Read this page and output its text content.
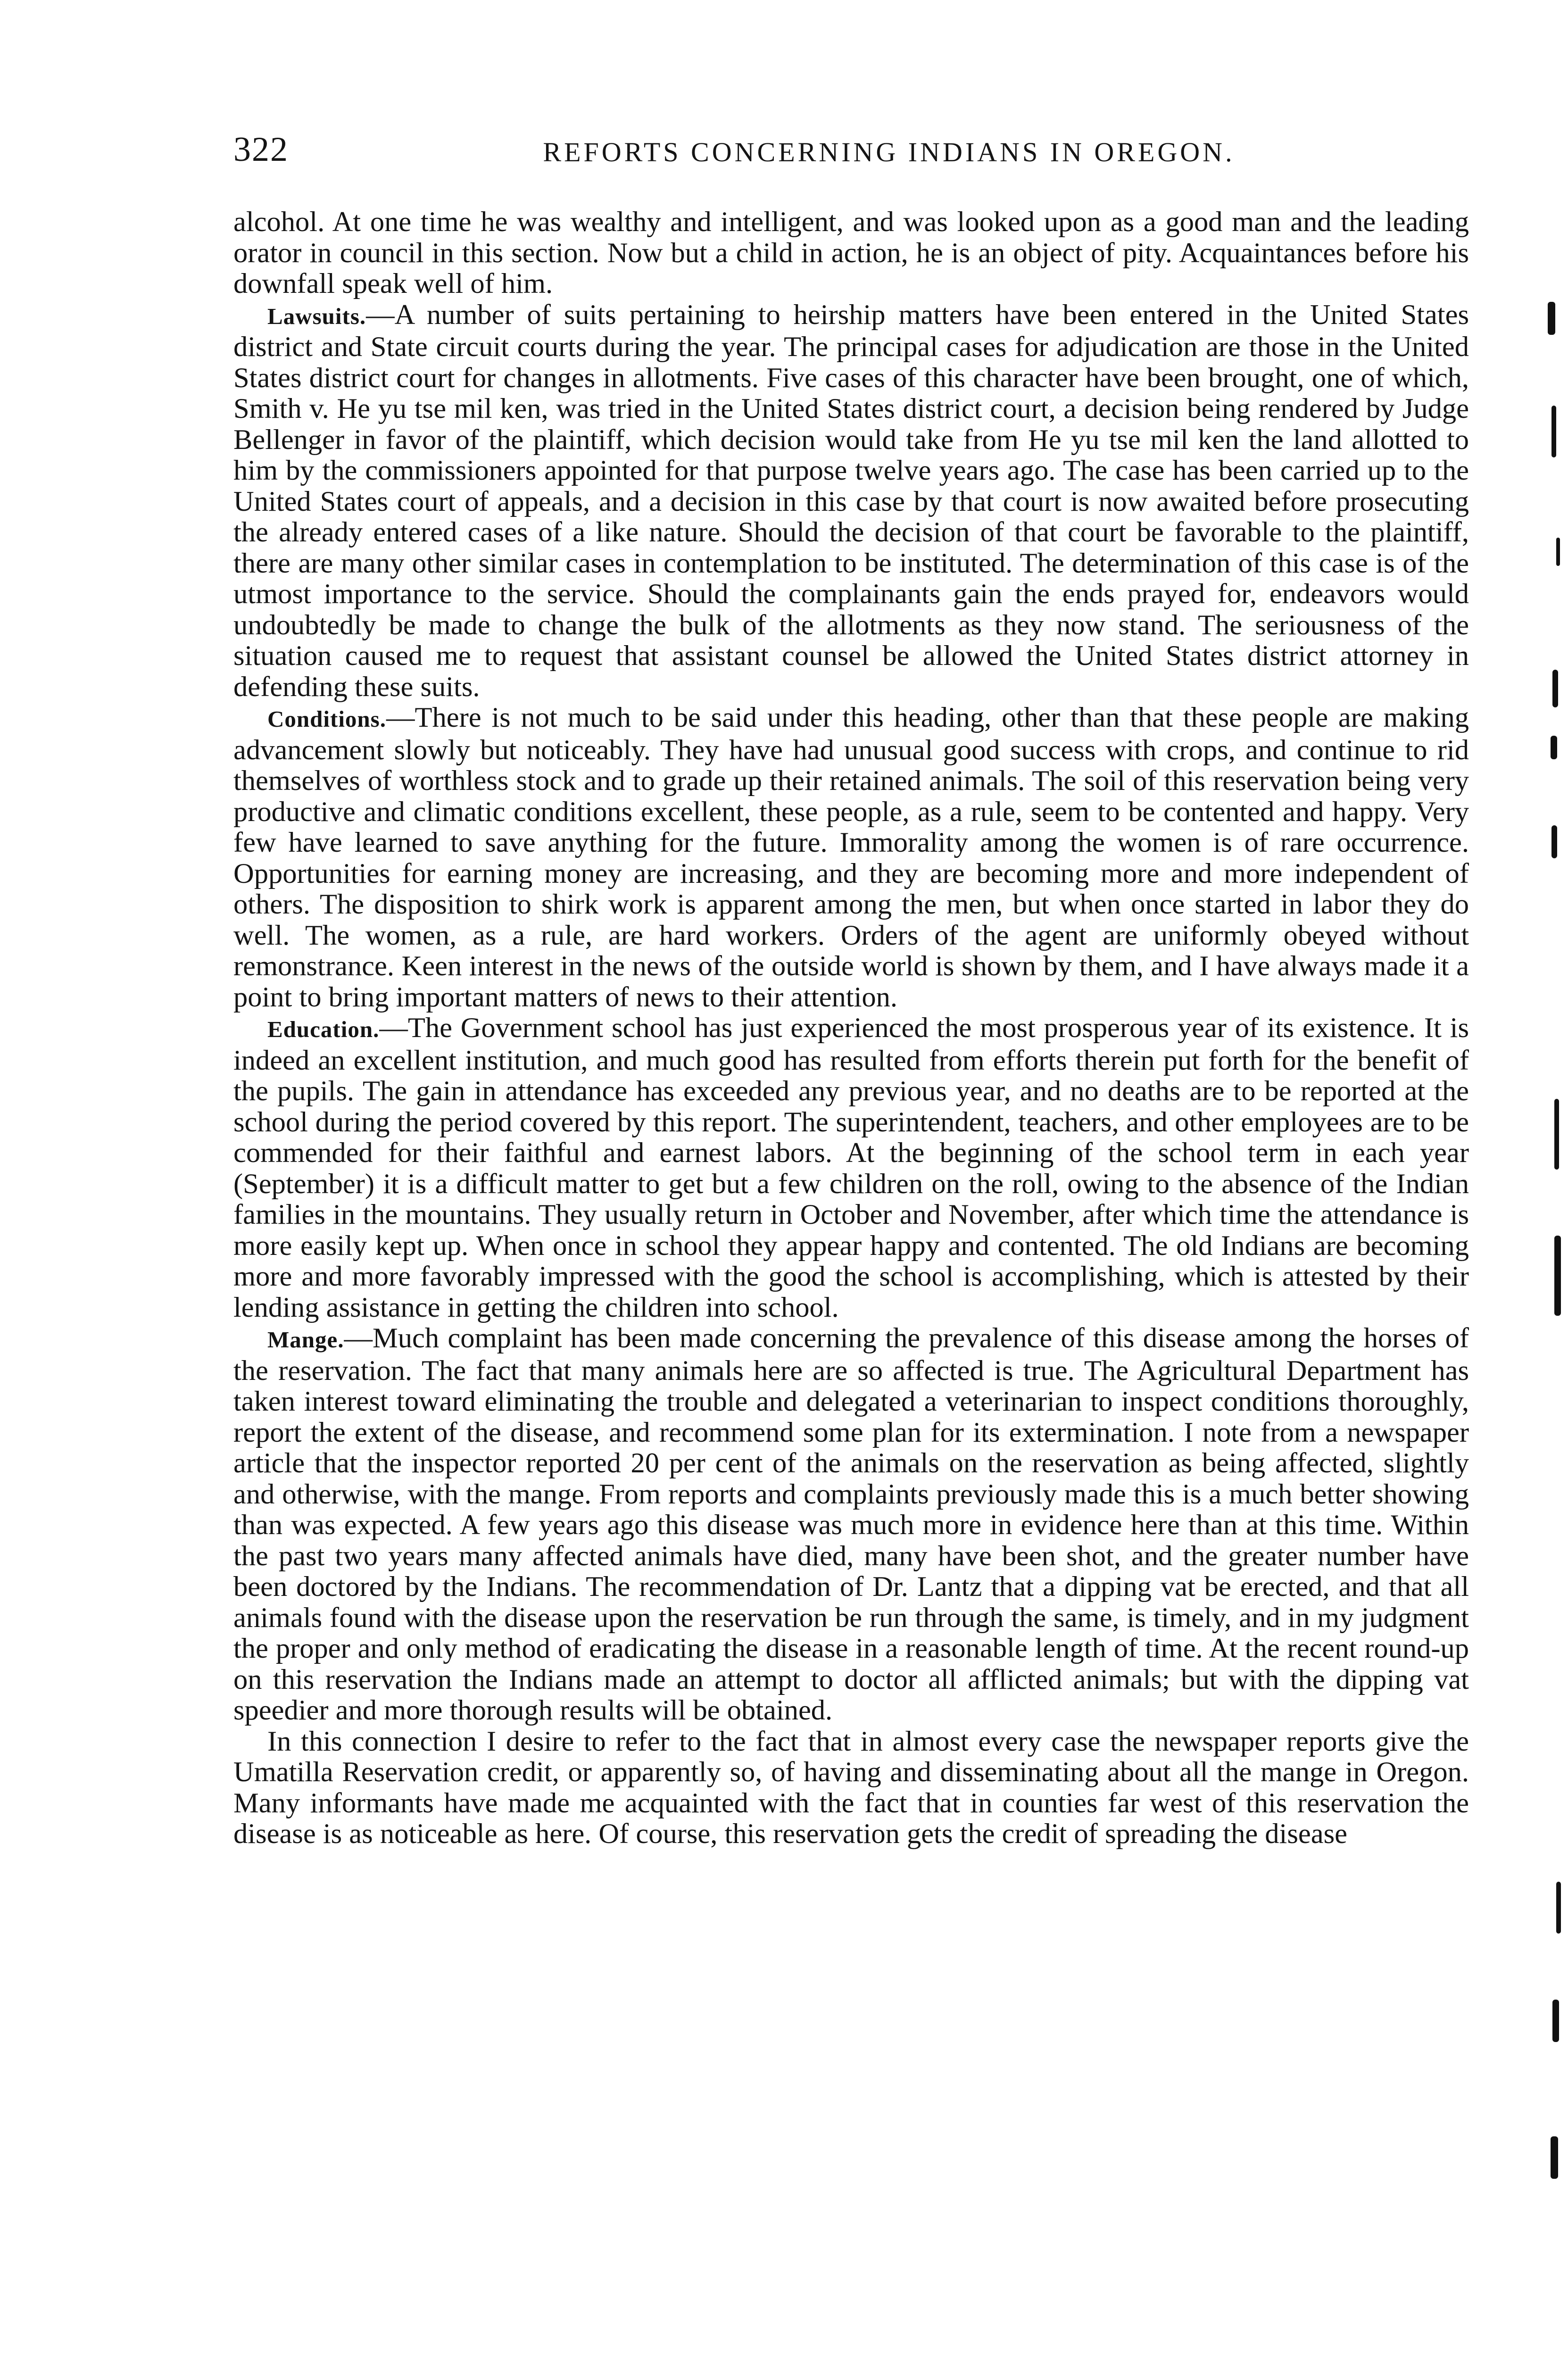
322	REFORTS CONCERNING INDIANS IN OREGON.

alcohol. At one time he was wealthy and intelligent, and was looked upon as a good man and the leading orator in council in this section. Now but a child in action, he is an object of pity. Acquaintances before his downfall speak well of him.

Lawsuits.—A number of suits pertaining to heirship matters have been entered in the United States district and State circuit courts during the year. The principal cases for adjudication are those in the United States district court for changes in allotments. Five cases of this character have been brought, one of which, Smith v. He yu tse mil ken, was tried in the United States district court, a decision being rendered by Judge Bellenger in favor of the plaintiff, which decision would take from He yu tse mil ken the land allotted to him by the commissioners appointed for that purpose twelve years ago. The case has been carried up to the United States court of appeals, and a decision in this case by that court is now awaited before prosecuting the already entered cases of a like nature. Should the decision of that court be favorable to the plaintiff, there are many other similar cases in contemplation to be instituted. The determination of this case is of the utmost importance to the service. Should the complainants gain the ends prayed for, endeavors would undoubtedly be made to change the bulk of the allotments as they now stand. The seriousness of the situation caused me to request that assistant counsel be allowed the United States district attorney in defending these suits.

Conditions.—There is not much to be said under this heading, other than that these people are making advancement slowly but noticeably. They have had unusual good success with crops, and continue to rid themselves of worthless stock and to grade up their retained animals. The soil of this reservation being very productive and climatic conditions excellent, these people, as a rule, seem to be contented and happy. Very few have learned to save anything for the future. Immorality among the women is of rare occurrence. Opportunities for earning money are increasing, and they are becoming more and more independent of others. The disposition to shirk work is apparent among the men, but when once started in labor they do well. The women, as a rule, are hard workers. Orders of the agent are uniformly obeyed without remonstrance. Keen interest in the news of the outside world is shown by them, and I have always made it a point to bring important matters of news to their attention.

Education.—The Government school has just experienced the most prosperous year of its existence. It is indeed an excellent institution, and much good has resulted from efforts therein put forth for the benefit of the pupils. The gain in attendance has exceeded any previous year, and no deaths are to be reported at the school during the period covered by this report. The superintendent, teachers, and other employees are to be commended for their faithful and earnest labors. At the beginning of the school term in each year (September) it is a difficult matter to get but a few children on the roll, owing to the absence of the Indian families in the mountains. They usually return in October and November, after which time the attendance is more easily kept up. When once in school they appear happy and contented. The old Indians are becoming more and more favorably impressed with the good the school is accomplishing, which is attested by their lending assistance in getting the children into school.

Mange.—Much complaint has been made concerning the prevalence of this disease among the horses of the reservation. The fact that many animals here are so affected is true. The Agricultural Department has taken interest toward eliminating the trouble and delegated a veterinarian to inspect conditions thoroughly, report the extent of the disease, and recommend some plan for its extermination. I note from a newspaper article that the inspector reported 20 per cent of the animals on the reservation as being affected, slightly and otherwise, with the mange. From reports and complaints previously made this is a much better showing than was expected. A few years ago this disease was much more in evidence here than at this time. Within the past two years many affected animals have died, many have been shot, and the greater number have been doctored by the Indians. The recommendation of Dr. Lantz that a dipping vat be erected, and that all animals found with the disease upon the reservation be run through the same, is timely, and in my judgment the proper and only method of eradicating the disease in a reasonable length of time. At the recent round-up on this reservation the Indians made an attempt to doctor all afflicted animals; but with the dipping vat speedier and more thorough results will be obtained.

In this connection I desire to refer to the fact that in almost every case the newspaper reports give the Umatilla Reservation credit, or apparently so, of having and disseminating about all the mange in Oregon. Many informants have made me acquainted with the fact that in counties far west of this reservation the disease is as noticeable as here. Of course, this reservation gets the credit of spreading the disease
